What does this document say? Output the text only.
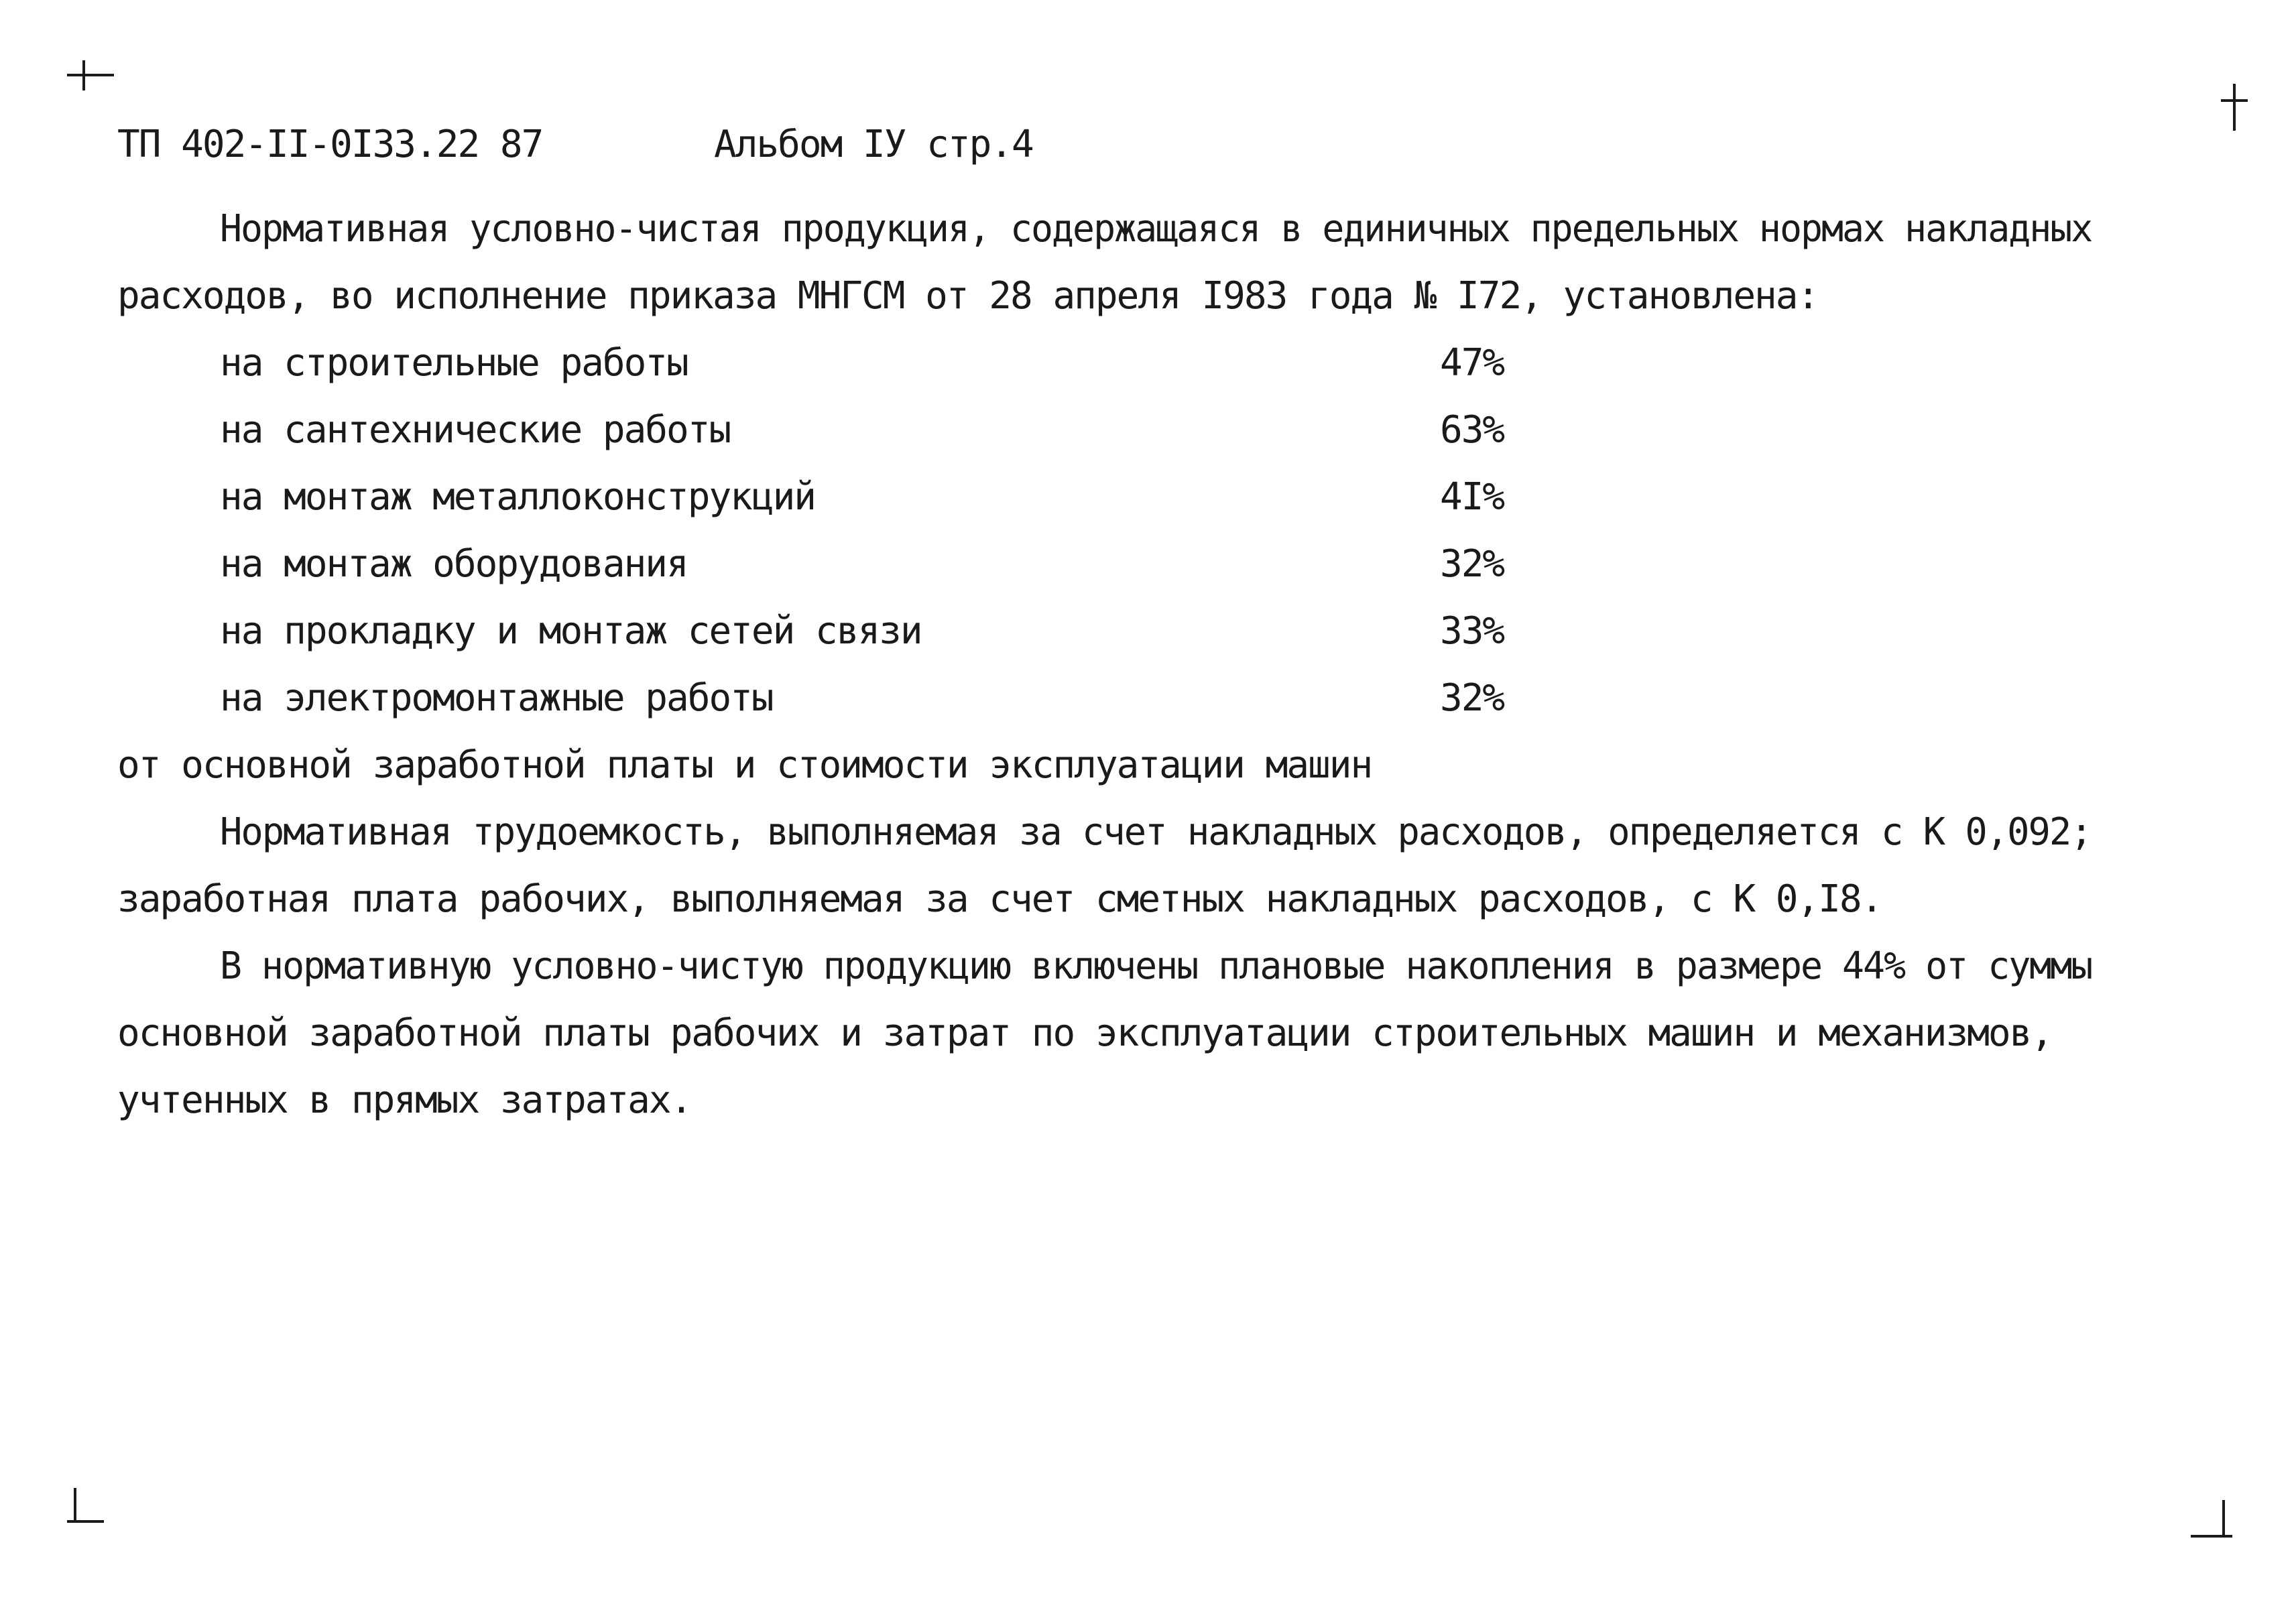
ТП 402-II-0I33.22 87	Альбом IУ стр.4
Нормативная условно-чистая продукция, содержащаяся в единичных предельных нормах накладных
расходов, во исполнение приказа МНГСМ от 28 апреля I983 года № I72, установлена:
на строительные работы	47%
на сантехнические работы	63%
на монтаж металлоконструкций	4I%
на монтаж оборудования	32%
на прокладку и монтаж сетей связи	33%
на электромонтажные работы	32%
от основной заработной платы и стоимости эксплуатации машин
Нормативная трудоемкость, выполняемая за счет накладных расходов, определяется с К 0,092;
заработная плата рабочих, выполняемая за счет сметных накладных расходов, с К 0,I8.
В нормативную условно-чистую продукцию включены плановые накопления в размере 44% от суммы
основной заработной платы рабочих и затрат по эксплуатации строительных машин и механизмов,
учтенных в прямых затратах.
